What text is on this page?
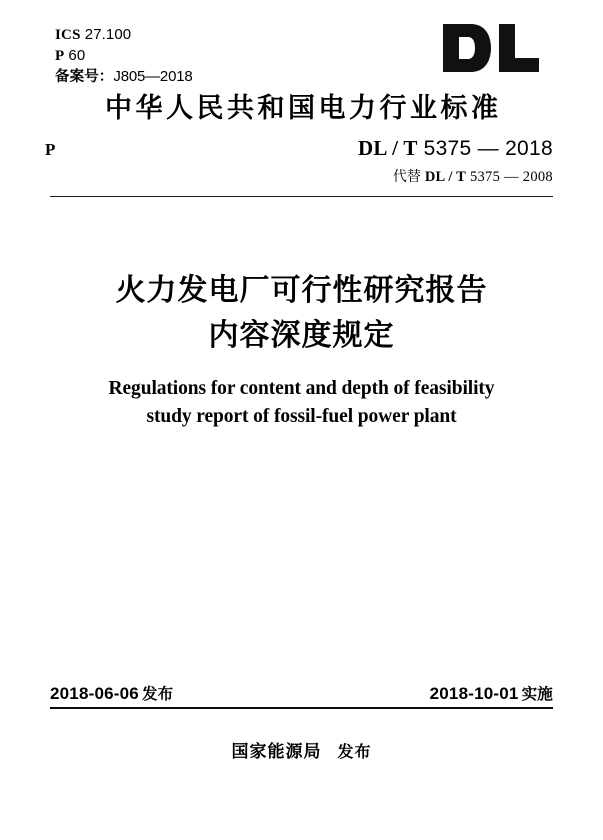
ICS 27.100
P 60
备案号：J805—2018
中华人民共和国电力行业标准
P	DL / T 5375 — 2018
代替 DL / T 5375 — 2008
火力发电厂可行性研究报告
内容深度规定
Regulations for content and depth of feasibility
study report of fossil-fuel power plant
2018-06-06 发布	2018-10-01 实施
国家能源局 发布
